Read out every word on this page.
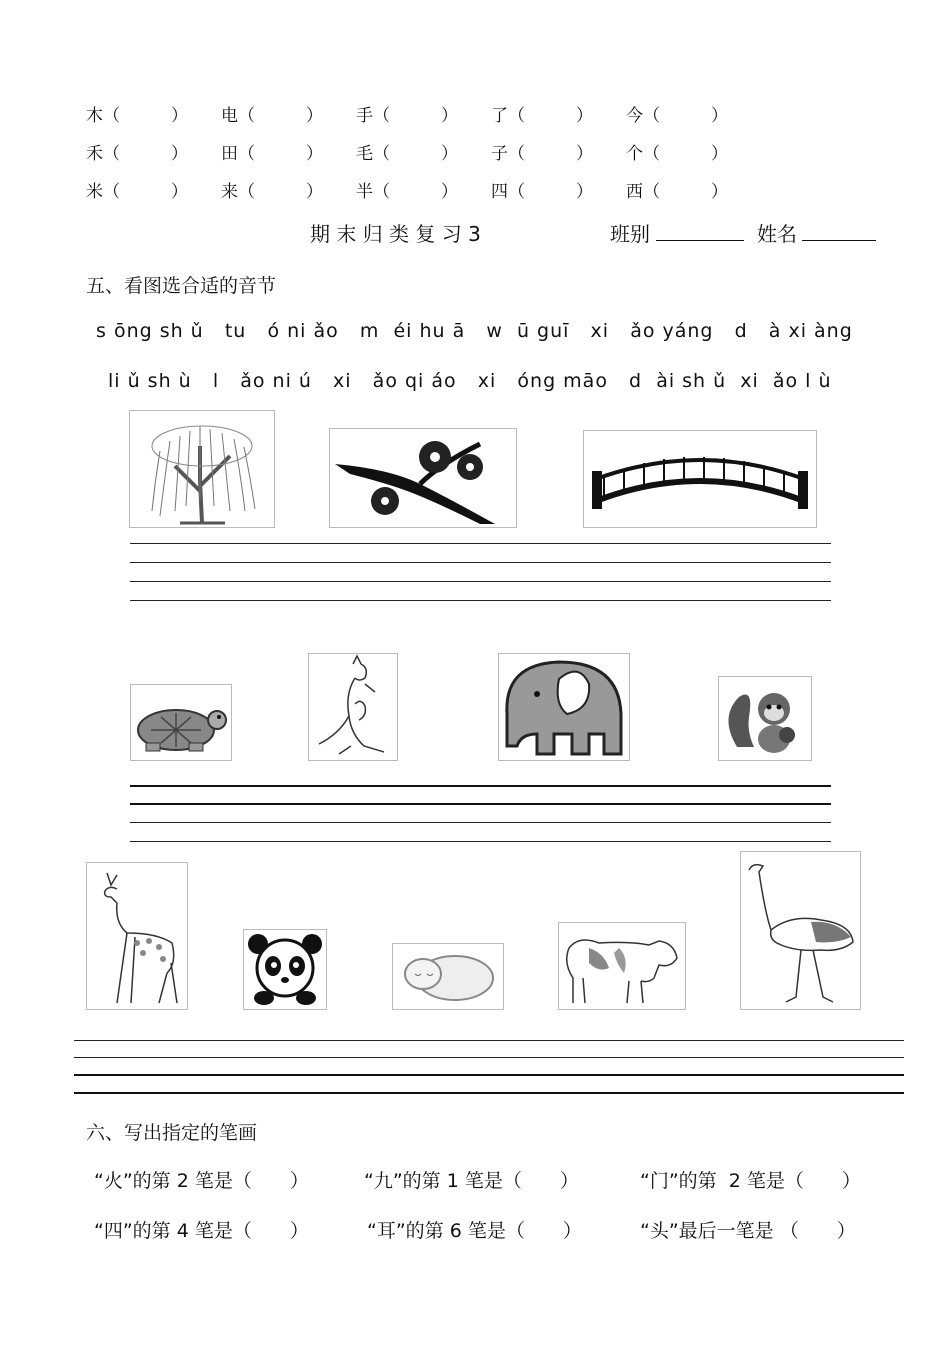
木（　　　） 电（　　　） 手（　　　） 了（　　　） 今（　　　）
禾（　　　） 田（　　　） 毛（　　　） 子（　　　） 个（　　　）
米（　　　） 来（　　　） 半（　　　） 四（　　　） 西（　　　）
期 末 归 类 复 习 3	班别	姓名
五、看图选合适的音节
s ōng sh ǔ   tu   ó ni ǎo   m  éi hu ā   w  ū guī   xi   ǎo yáng   d   à xi àng
li ǔ sh ù   l   ǎo ni ú   xi   ǎo qi áo   xi   óng māo   d  ài sh ǔ  xi  ǎo l ù
六、写出指定的笔画
“火”的第 2 笔是（　　）	“九”的第 1 笔是（　　）	“门”的第  2 笔是（　　）
“四”的第 4 笔是（　　）	“耳”的第 6 笔是（　　）	“头”最后一笔是 （　　）
